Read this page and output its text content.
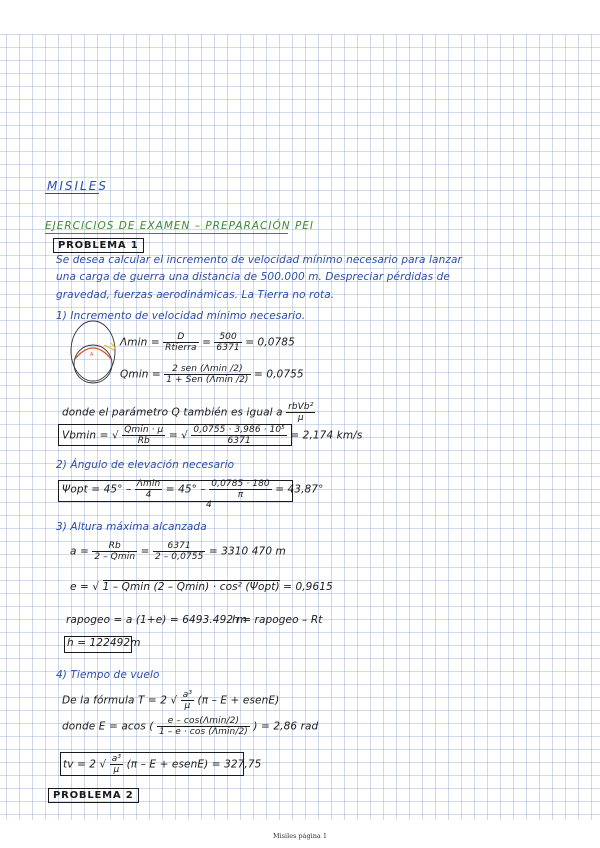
MISILES
EJERCICIOS DE EXAMEN – PREPARACIÓN PEI
PROBLEMA 1
Se desea calcular el incremento de velocidad mínimo necesario para lanzar
una carga de guerra una distancia de 500.000 m. Despreciar pérdidas de
gravedad, fuerzas aerodinámicas. La Tierra no rota.
1) Incremento de velocidad mínimo necesario.
A
$\Lambda\min = \frac{D}{\text{Rtierra}} = \frac{500}{6371} = 0,0785$
$Qmin = \frac{\text{2 sen (Λmin /2)}}{\text{1 + Sen (Λmin /2)}} = 0,0755$
donde el parámetro Q también es igual a $\frac{\text{rbVb²}}{\mu}$
Vbmin = √ $\frac{Qmin \cdot \mu}{Rb}$ = √ $\frac{\text{0,0755 · 3,986 · 10⁵}}{6371} = 2,174$ km/s
2) Ángulo de elevación necesario
$\Psi opt = 45^\circ - \frac{\Lambda\min}{4} = 45^\circ - \frac{0,0785 \cdot 180}{\pi} = 43,87^\circ$
4
3) Altura máxima alcanzada
$a = \frac{Rb}{2 - Qmin} = \frac{6371}{2 - 0,0755} = 3310$ 470 m
e = √ 1 – Qmin (2 – Qmin) · cos² (Ψopt) = 0,9615
rapogeo = a (1+e) = 6493.492 m
h = rapogeo – Rt
h = 122492m
4) Tiempo de vuelo
De la fórmula T = 2 √ $\frac{\text{a³}}{\mu} (\pi$ – E + esenE)
donde E = acos ( $\frac{e - \cos(\Lambda\min/2)}{1 - e \cdot \cos (\Lambda\min/2)}$ ) = 2,86 rad
tv = 2 √ $\frac{\text{a³}}{\mu} (\pi$ – E + esenE) = 327,75
PROBLEMA 2
Misiles página 1
